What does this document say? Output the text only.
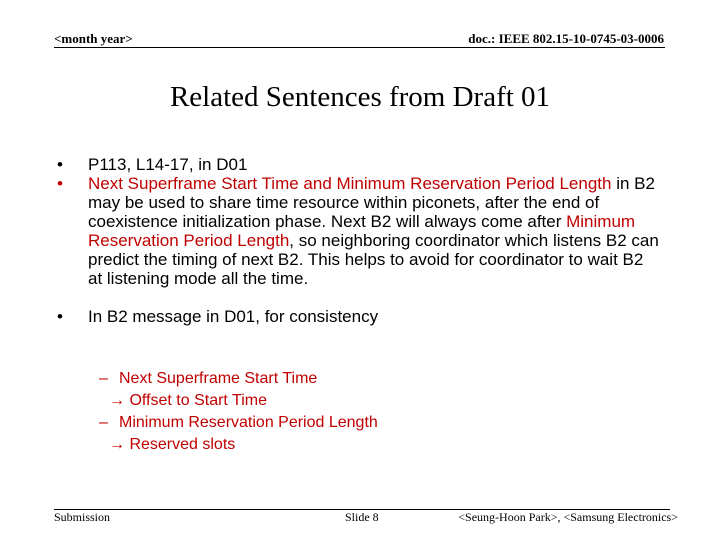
<month year>	doc.: IEEE 802.15-10-0745-03-0006
Related Sentences from Draft 01
• P113, L14-17, in D01
• Next Superframe Start Time and Minimum Reservation Period Length in B2 may be used to share time resource within piconets, after the end of coexistence initialization phase. Next B2 will always come after Minimum Reservation Period Length, so neighboring coordinator which listens B2 can predict the timing of next B2. This helps to avoid for coordinator to wait B2 at listening mode all the time.
• In B2 message in D01, for consistency
– Next Superframe Start Time
→ Offset to Start Time
– Minimum Reservation Period Length
→ Reserved slots
Submission	Slide 8	<Seung-Hoon Park>, <Samsung Electronics>
